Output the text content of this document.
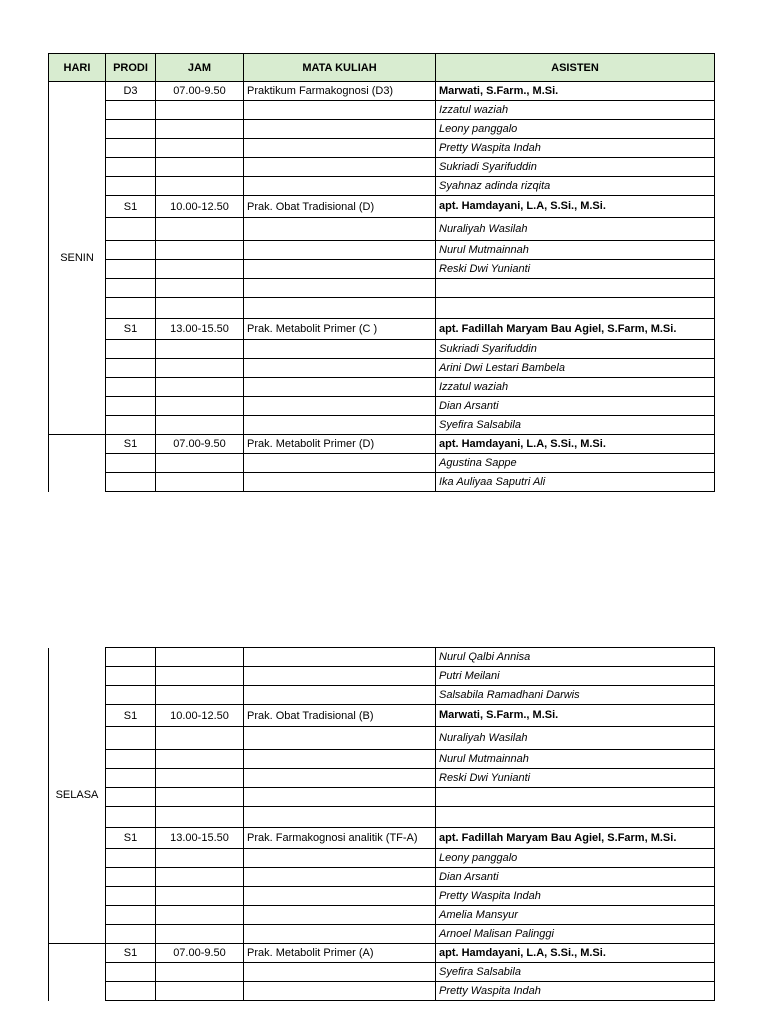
HARI	PRODI	JAM	MATA KULIAH	ASISTEN
SENIN	D3	07.00-9.50	Praktikum Farmakognosi (D3)	Marwati, S.Farm., M.Si.
				Izzatul waziah
				Leony panggalo
				Pretty Waspita Indah
				Sukriadi Syarifuddin
				Syahnaz adinda rizqita
	S1	10.00-12.50	Prak. Obat Tradisional (D)	apt. Hamdayani, L.A, S.Si., M.Si.
				Nuraliyah Wasilah
				Nurul Mutmainnah
				Reski Dwi Yunianti

	S1	13.00-15.50	Prak. Metabolit Primer (C )	apt. Fadillah Maryam Bau Agiel, S.Farm, M.Si.
				Sukriadi Syarifuddin
				Arini Dwi Lestari Bambela
				Izzatul waziah
				Dian Arsanti
				Syefira Salsabila
	S1	07.00-9.50	Prak. Metabolit Primer (D)	apt. Hamdayani, L.A, S.Si., M.Si.
				Agustina Sappe
				Ika Auliyaa Saputri Ali
SELASA				Nurul Qalbi Annisa
				Putri Meilani
				Salsabila Ramadhani Darwis
	S1	10.00-12.50	Prak. Obat Tradisional (B)	Marwati, S.Farm., M.Si.
				Nuraliyah Wasilah
				Nurul Mutmainnah
				Reski Dwi Yunianti

	S1	13.00-15.50	Prak. Farmakognosi analitik (TF-A)	apt. Fadillah Maryam Bau Agiel, S.Farm, M.Si.
				Leony panggalo
				Dian Arsanti
				Pretty Waspita Indah
				Amelia Mansyur
				Arnoel Malisan Palinggi
	S1	07.00-9.50	Prak. Metabolit Primer (A)	apt. Hamdayani, L.A, S.Si., M.Si.
				Syefira Salsabila
				Pretty Waspita Indah
